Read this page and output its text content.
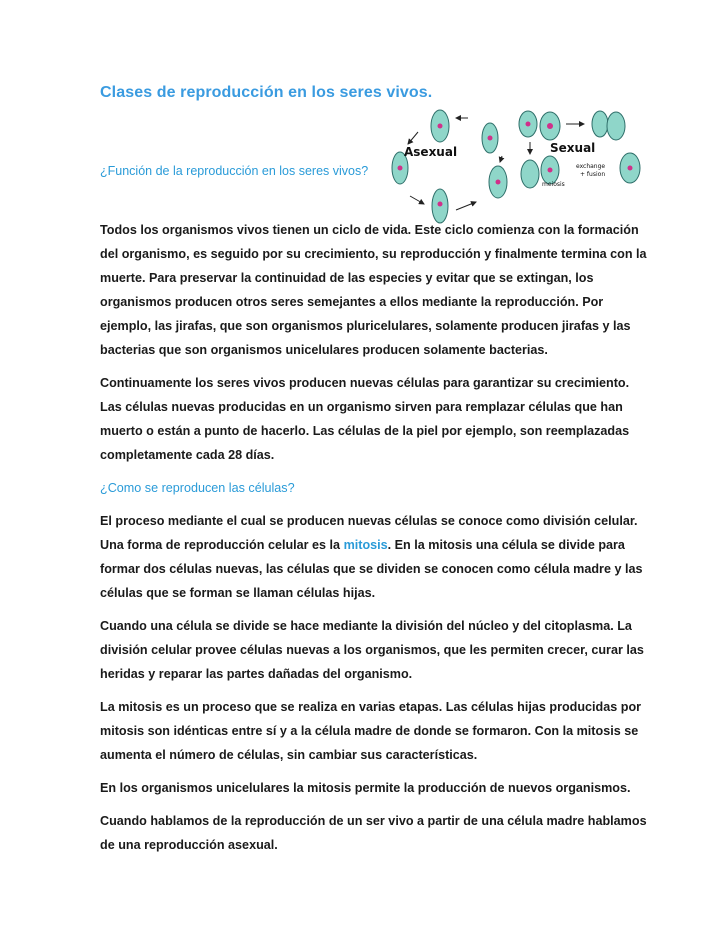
Clases de reproducción en los seres vivos.

¿Función de la reproducción en los seres vivos?

Asexual	Sexual
exchange
+ fusion
meiosis

Todos los organismos vivos tienen un ciclo de vida. Este ciclo comienza con la formación del organismo, es seguido por su crecimiento, su reproducción y finalmente termina con la muerte. Para preservar la continuidad de las especies y evitar que se extingan, los organismos producen otros seres semejantes a ellos mediante la reproducción. Por ejemplo, las jirafas, que son organismos pluricelulares, solamente producen jirafas y las bacterias que son organismos unicelulares producen solamente bacterias.

Continuamente los seres vivos producen nuevas células para garantizar su crecimiento. Las células nuevas producidas en un organismo sirven para remplazar células que han muerto o están a punto de hacerlo. Las células de la piel por ejemplo, son reemplazadas completamente cada 28 días.

¿Como se reproducen las células?

El proceso mediante el cual se producen nuevas células se conoce como división celular. Una forma de reproducción celular es la mitosis. En la mitosis una célula se divide para formar dos células nuevas, las células que se dividen se conocen como célula madre y las células que se forman se llaman células hijas.

Cuando una célula se divide se hace mediante la división del núcleo y del citoplasma. La división celular provee células nuevas a los organismos, que les permiten crecer, curar las heridas y reparar las partes dañadas del organismo.

La mitosis es un proceso que se realiza en varias etapas. Las células hijas producidas por mitosis son idénticas entre sí y a la célula madre de donde se formaron. Con la mitosis se aumenta el número de células, sin cambiar sus características.

En los organismos unicelulares la mitosis permite la producción de nuevos organismos.

Cuando hablamos de la reproducción de un ser vivo a partir de una célula madre hablamos de una reproducción asexual.
